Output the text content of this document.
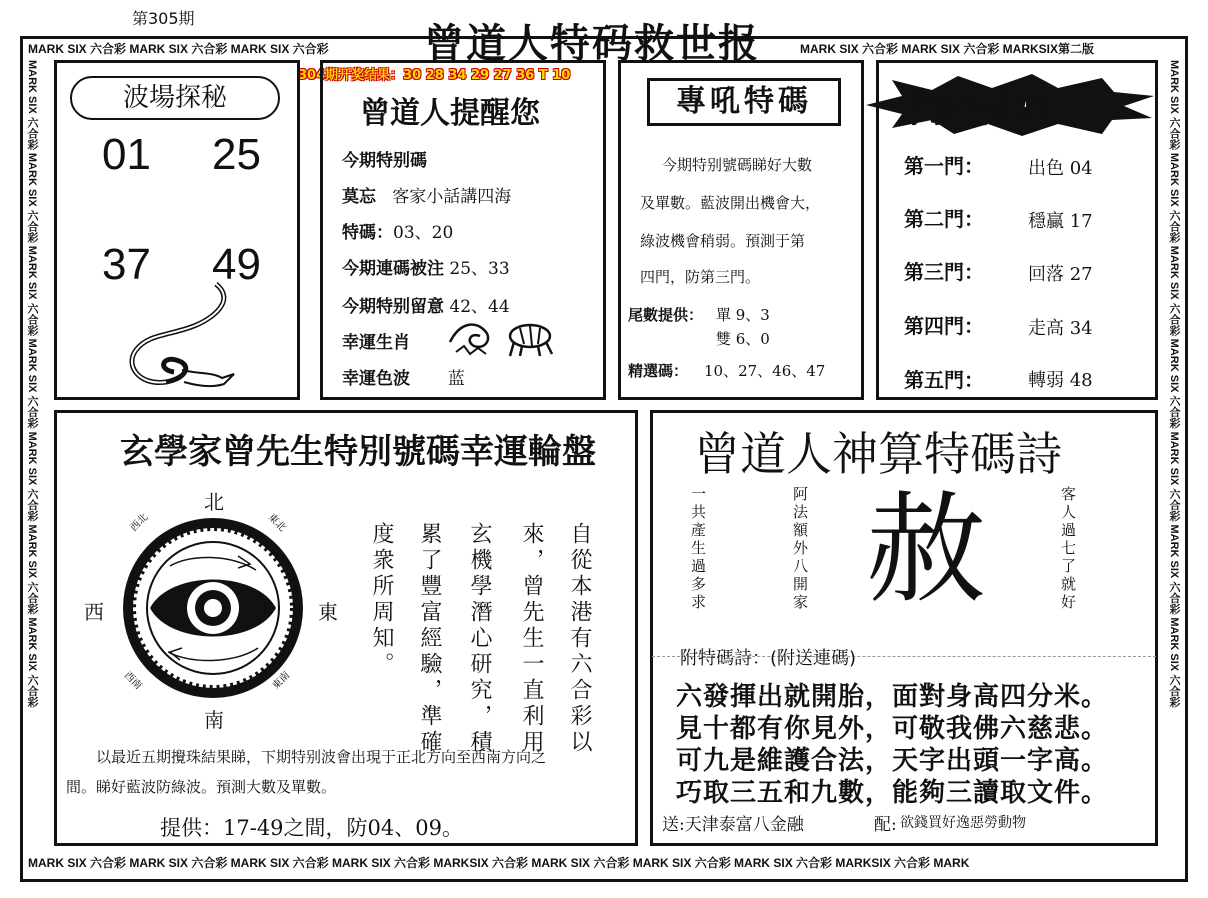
第305期
曾道人特码救世报
MARK SIX 六合彩 MARK SIX 六合彩 MARK SIX 六合彩	MARK SIX 六合彩 MARK SIX 六合彩 MARKSIX第二版
MARK SIX 六合彩 MARK SIX 六合彩 MARK SIX 六合彩 MARK SIX 六合彩 MARK SIX 六合彩 MARK SIX 六合彩 MARK SIX 六合彩	MARK SIX 六合彩 MARK SIX 六合彩 MARK SIX 六合彩 MARK SIX 六合彩 MARK SIX 六合彩 MARK SIX 六合彩 MARK SIX 六合彩
MARK SIX 六合彩 MARK SIX 六合彩 MARK SIX 六合彩 MARK SIX 六合彩 MARKSIX 六合彩 MARK SIX 六合彩 MARK SIX 六合彩 MARK SIX 六合彩 MARKSIX 六合彩 MARK
304期开奖结果：30 28 34 29 27 36 T 10
波場探秘
01 25
37 49
曾道人提醒您
今期特别碼
莫忘 客家小話講四海
特碼：03、20
今期連碼被注 25、33
今期特别留意 42、44
幸運生肖
幸運色波 蓝
專吼特碼
今期特别號碼睇好大數
及單數。藍波開出機會大，
綠波機會稍弱。預測于第
四門，防第三門。
尾數提供： 單 9、3
雙 6、0
精選碼： 10、27、46、47
門類分析
第一門： 出色 04
第二門： 穩贏 17
第三門： 回落 27
第四門： 走高 34
第五門： 轉弱 48
玄學家曾先生特別號碼幸運輪盤
北
南
東
西
東北
西北
東南
西南	自從本港有六合彩以
來，曾先生一直利用
玄機學潛心研究，積
累了豐富經驗，準確
度衆所周知。
以最近五期攪珠結果睇，下期特别波會出現于正北方向至西南方向之
間。睇好藍波防綠波。預測大數及單數。
提供：17-49之間，防04、09。
曾道人神算特碼詩
一共產生過多求	阿法額外八開家	客人過七了就好
赦
附特碼詩：(附送連碼)
六發揮出就開胎，面對身高四分米。
見十都有你見外，可敬我佛六慈悲。
可九是維護合法，天字出頭一字高。
巧取三五和九數，能夠三讀取文件。
送:天津泰富八金融	配: 欲錢買好逸惡勞動物
